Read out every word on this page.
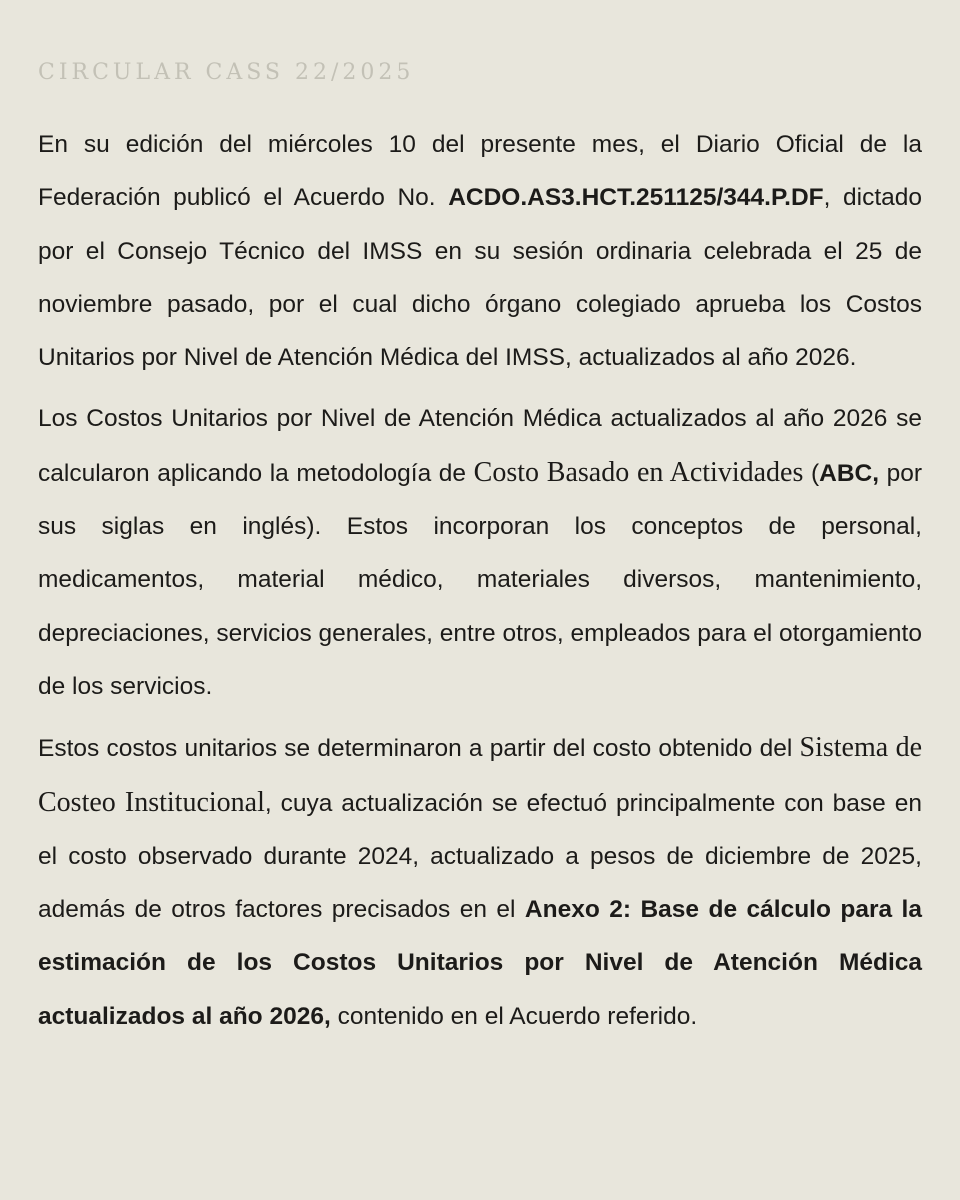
CIRCULAR CASS 22/2025

En su edición del miércoles 10 del presente mes, el Diario Oficial de la Federación publicó el Acuerdo No. ACDO.AS3.HCT.251125/344.P.DF, dictado por el Consejo Técnico del IMSS en su sesión ordinaria celebrada el 25 de noviembre pasado, por el cual dicho órgano colegiado aprueba los Costos Unitarios por Nivel de Atención Médica del IMSS, actualizados al año 2026.

Los Costos Unitarios por Nivel de Atención Médica actualizados al año 2026 se calcularon aplicando la metodología de Costo Basado en Actividades (ABC, por sus siglas en inglés). Estos incorporan los conceptos de personal, medicamentos, material médico, materiales diversos, mantenimiento, depreciaciones, servicios generales, entre otros, empleados para el otorgamiento de los servicios.

Estos costos unitarios se determinaron a partir del costo obtenido del Sistema de Costeo Institucional, cuya actualización se efectuó principalmente con base en el costo observado durante 2024, actualizado a pesos de diciembre de 2025, además de otros factores precisados en el Anexo 2: Base de cálculo para la estimación de los Costos Unitarios por Nivel de Atención Médica actualizados al año 2026, contenido en el Acuerdo referido.
